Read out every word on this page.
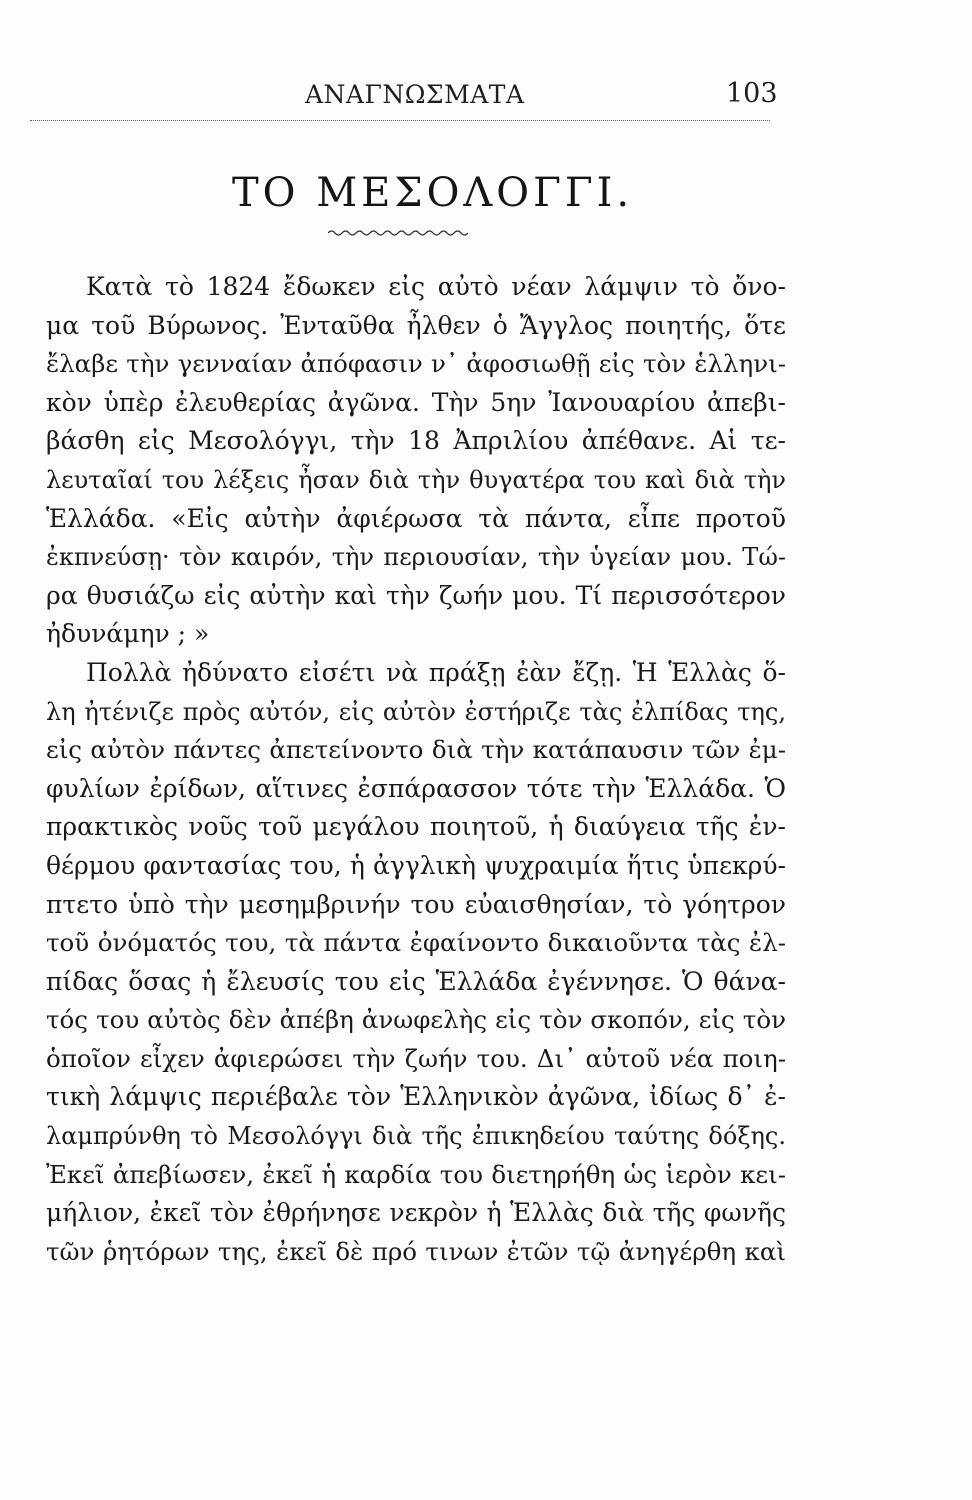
ΑΝΑΓΝΩΣΜΑΤΑ	103
ΤΟ ΜΕΣΟΛΟΓΓΙ.
Κατὰ τὸ 1824 ἔδωκεν εἰς αὐτὸ νέαν λάμψιν τὸ ὄνο-
μα τοῦ Βύρωνος. Ἐνταῦθα ἦλθεν ὁ Ἄγγλος ποιητής, ὅτε
ἔλαβε τὴν γενναίαν ἀπόφασιν ν᾽ ἀφοσιωθῇ εἰς τὸν ἑλληνι-
κὸν ὑπὲρ ἐλευθερίας ἀγῶνα. Τὴν 5ην Ἰανουαρίου ἀπεβι-
βάσθη εἰς Μεσολόγγι, τὴν 18 Ἀπριλίου ἀπέθανε. Αἱ τε-
λευταῖαί του λέξεις ἦσαν διὰ τὴν θυγατέρα του καὶ διὰ τὴν
Ἑλλάδα. «Εἰς αὐτὴν ἀφιέρωσα τὰ πάντα, εἶπε προτοῦ
ἐκπνεύσῃ· τὸν καιρόν, τὴν περιουσίαν, τὴν ὑγείαν μου. Τώ-
ρα θυσιάζω εἰς αὐτὴν καὶ τὴν ζωήν μου. Τί περισσότερον
ἠδυνάμην ; »
Πολλὰ ἠδύνατο εἰσέτι νὰ πράξῃ ἐὰν ἔζῃ. Ἡ Ἑλλὰς ὅ-
λη ἠτένιζε πρὸς αὐτόν, εἰς αὐτὸν ἐστήριζε τὰς ἐλπίδας της,
εἰς αὐτὸν πάντες ἀπετείνοντο διὰ τὴν κατάπαυσιν τῶν ἐμ-
φυλίων ἐρίδων, αἵτινες ἐσπάρασσον τότε τὴν Ἑλλάδα. Ὁ
πρακτικὸς νοῦς τοῦ μεγάλου ποιητοῦ, ἡ διαύγεια τῆς ἐν-
θέρμου φαντασίας του, ἡ ἀγγλικὴ ψυχραιμία ἥτις ὑπεκρύ-
πτετο ὑπὸ τὴν μεσημβρινήν του εὐαισθησίαν, τὸ γόητρον
τοῦ ὀνόματός του, τὰ πάντα ἐφαίνοντο δικαιοῦντα τὰς ἐλ-
πίδας ὅσας ἡ ἔλευσίς του εἰς Ἑλλάδα ἐγέννησε. Ὁ θάνα-
τός του αὐτὸς δὲν ἀπέβη ἀνωφελὴς εἰς τὸν σκοπόν, εἰς τὸν
ὁποῖον εἶχεν ἀφιερώσει τὴν ζωήν του. Δι᾽ αὐτοῦ νέα ποιη-
τικὴ λάμψις περιέβαλε τὸν Ἑλληνικὸν ἀγῶνα, ἰδίως δ᾽ ἐ-
λαμπρύνθη τὸ Μεσολόγγι διὰ τῆς ἐπικηδείου ταύτης δόξης.
Ἐκεῖ ἀπεβίωσεν, ἐκεῖ ἡ καρδία του διετηρήθη ὡς ἱερὸν κει-
μήλιον, ἐκεῖ τὸν ἐθρήνησε νεκρὸν ἡ Ἑλλὰς διὰ τῆς φωνῆς
τῶν ῥητόρων της, ἐκεῖ δὲ πρό τινων ἐτῶν τῷ ἀνηγέρθη καὶ
